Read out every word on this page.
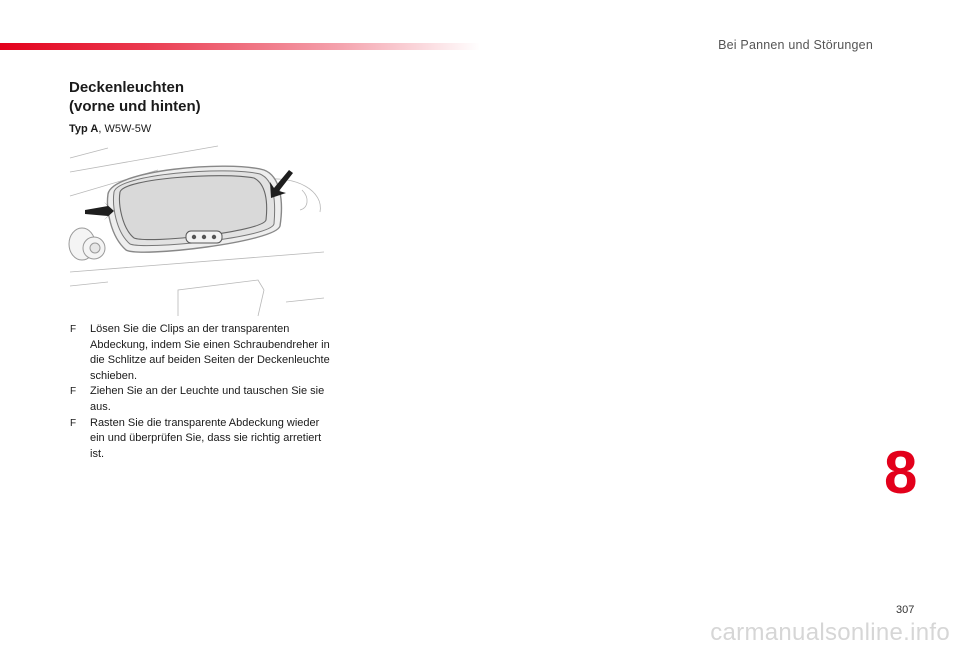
Bei Pannen und Störungen
Deckenleuchten
(vorne und hinten)
Typ A, W5W-5W
F Lösen Sie die Clips an der transparenten Abdeckung, indem Sie einen Schraubendreher in die Schlitze auf beiden Seiten der Deckenleuchte schieben.
F Ziehen Sie an der Leuchte und tauschen Sie sie aus.
F Rasten Sie die transparente Abdeckung wieder ein und überprüfen Sie, dass sie richtig arretiert ist.	8
307
carmanualsonline.info
